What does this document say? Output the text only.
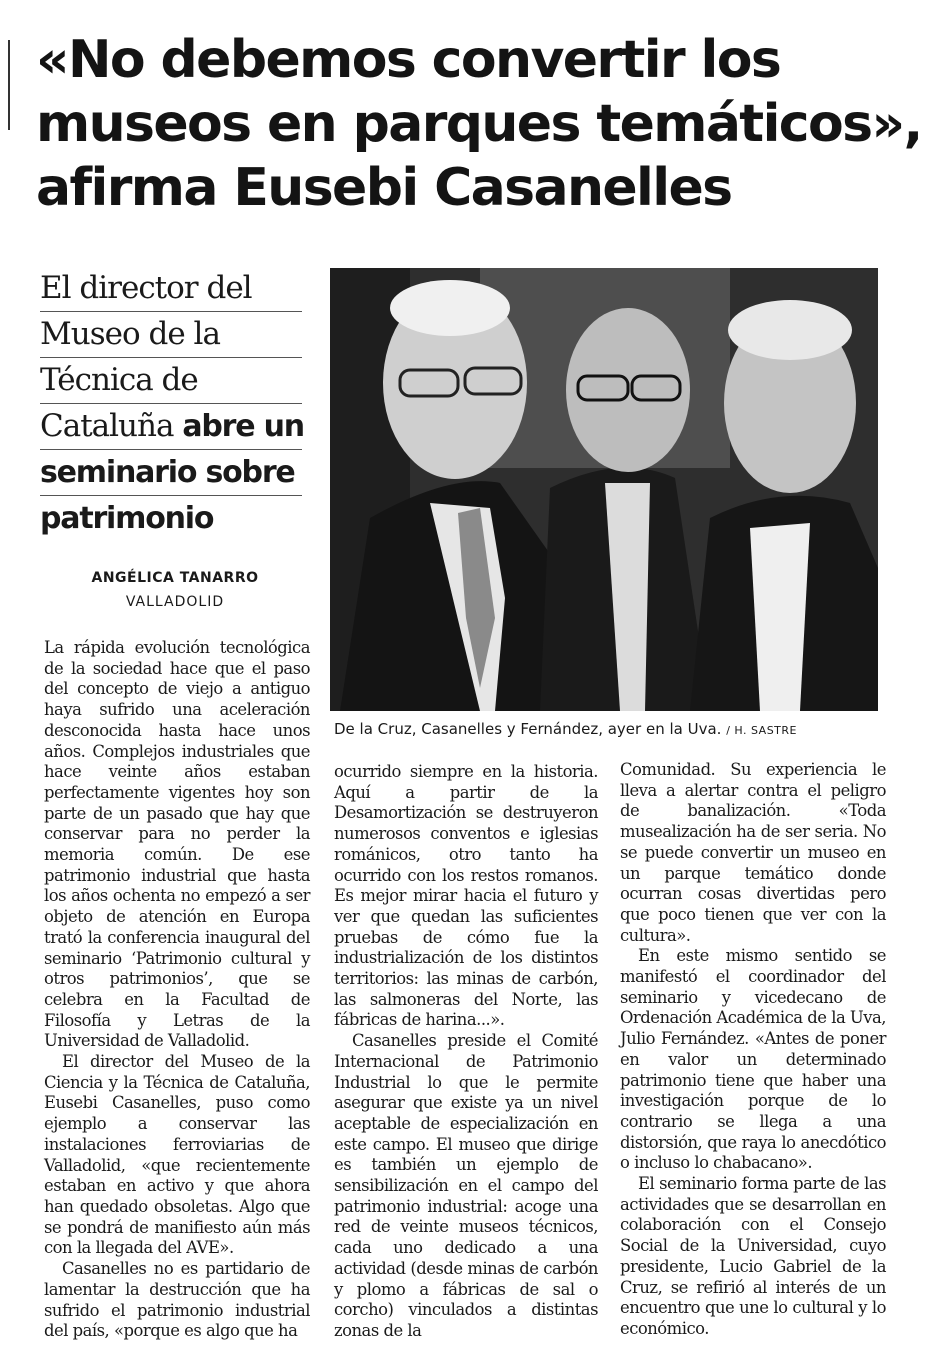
«No debemos convertir los
museos en parques temáticos»,
afirma Eusebi Casanelles
El director del
Museo de la
Técnica de
Cataluña abre un
seminario sobre
patrimonio
ANGÉLICA TANARRO
VALLADOLID
De la Cruz, Casanelles y Fernández, ayer en la Uva. / H. SASTRE

La rápida evolución tecnológica de la sociedad hace que el paso del concepto de viejo a antiguo haya sufrido una aceleración desconocida hasta hace unos años. Complejos industriales que hace veinte años estaban perfectamente vigentes hoy son parte de un pasado que hay que conservar para no perder la memoria común. De ese patrimonio industrial que hasta los años ochenta no empezó a ser objeto de atención en Europa trató la conferencia inaugural del seminario ‘Patrimonio cultural y otros patrimonios’, que se celebra en la Facultad de Filosofía y Letras de la Universidad de Valladolid.

El director del Museo de la Ciencia y la Técnica de Cataluña, Eusebi Casanelles, puso como ejemplo a conservar las instalaciones ferroviarias de Valladolid, «que recientemente estaban en activo y que ahora han quedado obsoletas. Algo que se pondrá de manifiesto aún más con la llegada del AVE».

Casanelles no es partidario de lamentar la destrucción que ha sufrido el patrimonio industrial del país, «porque es algo que ha

ocurrido siempre en la historia. Aquí a partir de la Desamortización se destruyeron numerosos conventos e iglesias románicos, otro tanto ha ocurrido con los restos romanos. Es mejor mirar hacia el futuro y ver que quedan las suficientes pruebas de cómo fue la industrialización de los distintos territorios: las minas de carbón, las salmoneras del Norte, las fábricas de harina...».

Casanelles preside el Comité Internacional de Patrimonio Industrial lo que le permite asegurar que existe ya un nivel aceptable de especialización en este campo. El museo que dirige es también un ejemplo de sensibilización en el campo del patrimonio industrial: acoge una red de veinte museos técnicos, cada uno dedicado a una actividad (desde minas de carbón y plomo a fábricas de sal o corcho) vinculados a distintas zonas de la

Comunidad. Su experiencia le lleva a alertar contra el peligro de banalización. «Toda musealización ha de ser seria. No se puede convertir un museo en un parque temático donde ocurran cosas divertidas pero que poco tienen que ver con la cultura».

En este mismo sentido se manifestó el coordinador del seminario y vicedecano de Ordenación Académica de la Uva, Julio Fernández. «Antes de poner en valor un determinado patrimonio tiene que haber una investigación porque de lo contrario se llega a una distorsión, que raya lo anecdótico o incluso lo chabacano».

El seminario forma parte de las actividades que se desarrollan en colaboración con el Consejo Social de la Universidad, cuyo presidente, Lucio Gabriel de la Cruz, se refirió al interés de un encuentro que une lo cultural y lo económico.
